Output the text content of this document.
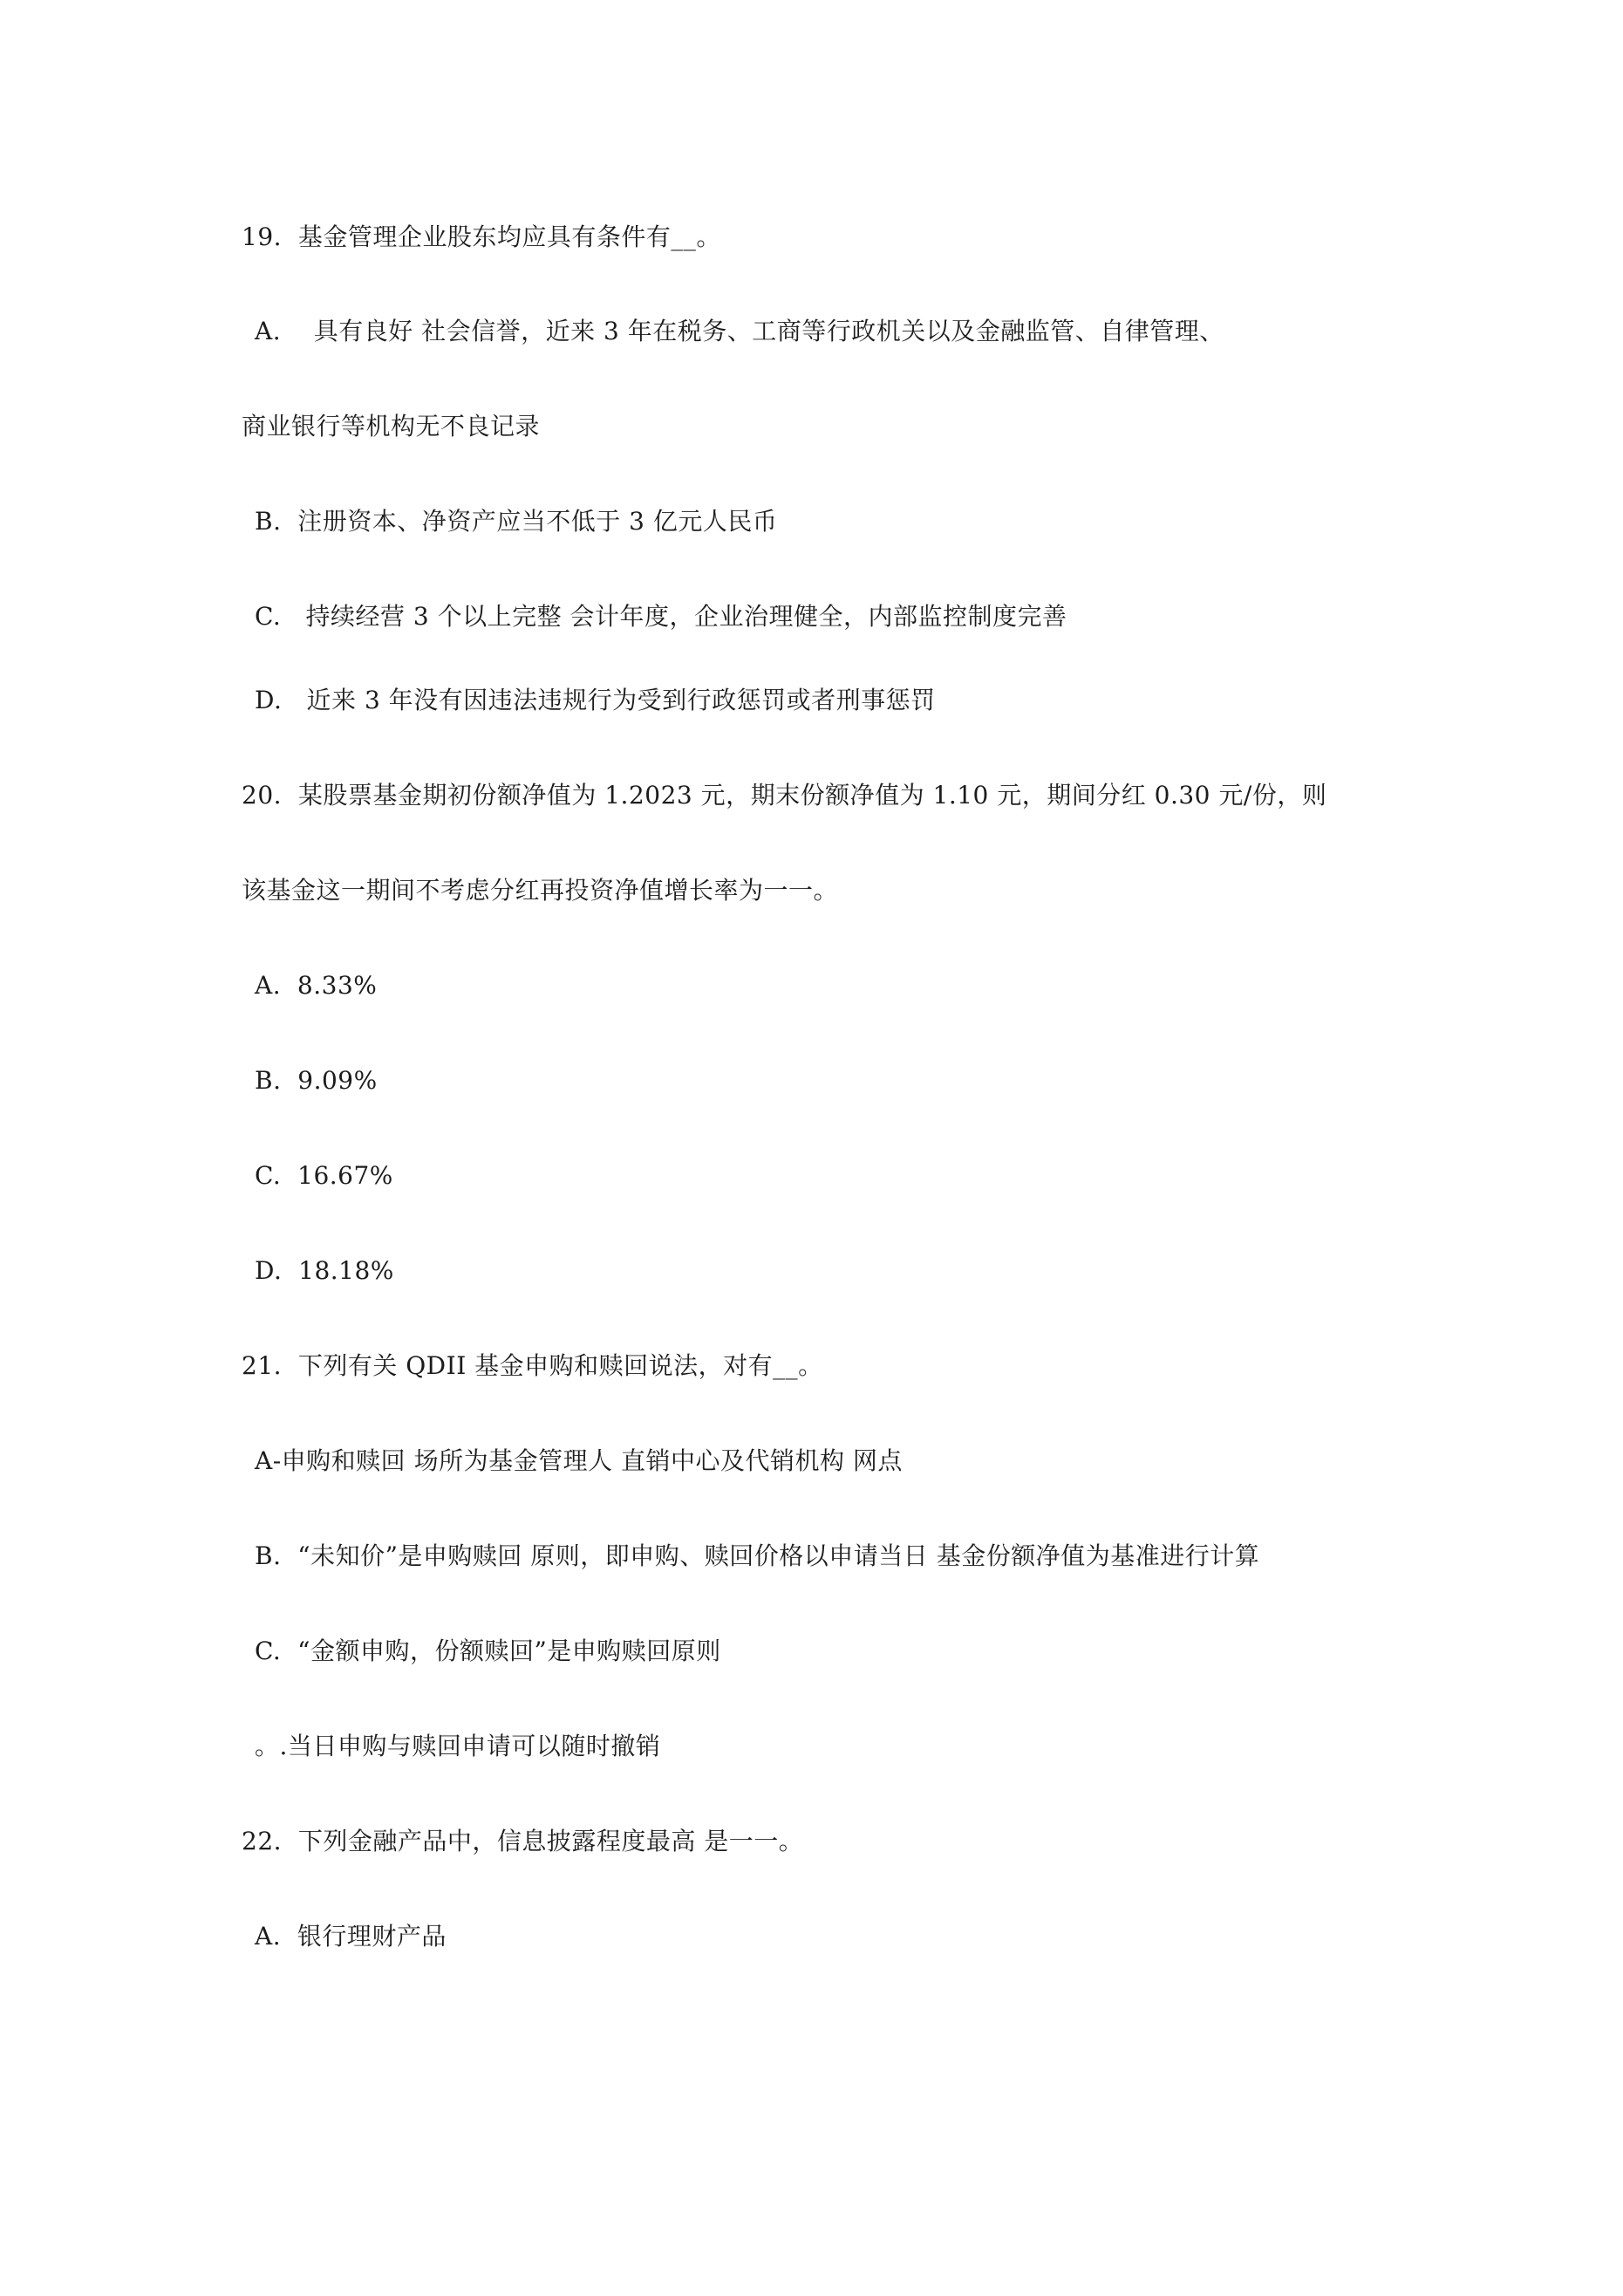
19.  基金管理企业股东均应具有条件有__。
A.    具有良好 社会信誉，近来 3 年在税务、工商等行政机关以及金融监管、自律管理、
商业银行等机构无不良记录
B.  注册资本、净资产应当不低于 3 亿元人民币
C.   持续经营 3 个以上完整 会计年度，企业治理健全，内部监控制度完善
D.   近来 3 年没有因违法违规行为受到行政惩罚或者刑事惩罚
20.  某股票基金期初份额净值为 1.2023 元，期末份额净值为 1.10 元，期间分红 0.30 元/份，则
该基金这一期间不考虑分红再投资净值增长率为一一。
A.  8.33%
B.  9.09%
C.  16.67%
D.  18.18%
21.  下列有关 QDII 基金申购和赎回说法，对有__。
A-申购和赎回 场所为基金管理人 直销中心及代销机构 网点
B.  “未知价”是申购赎回 原则，即申购、赎回价格以申请当日 基金份额净值为基准进行计算
C.  “金额申购，份额赎回”是申购赎回原则
。.当日申购与赎回申请可以随时撤销
22.  下列金融产品中，信息披露程度最高 是一一。
A.  银行理财产品
